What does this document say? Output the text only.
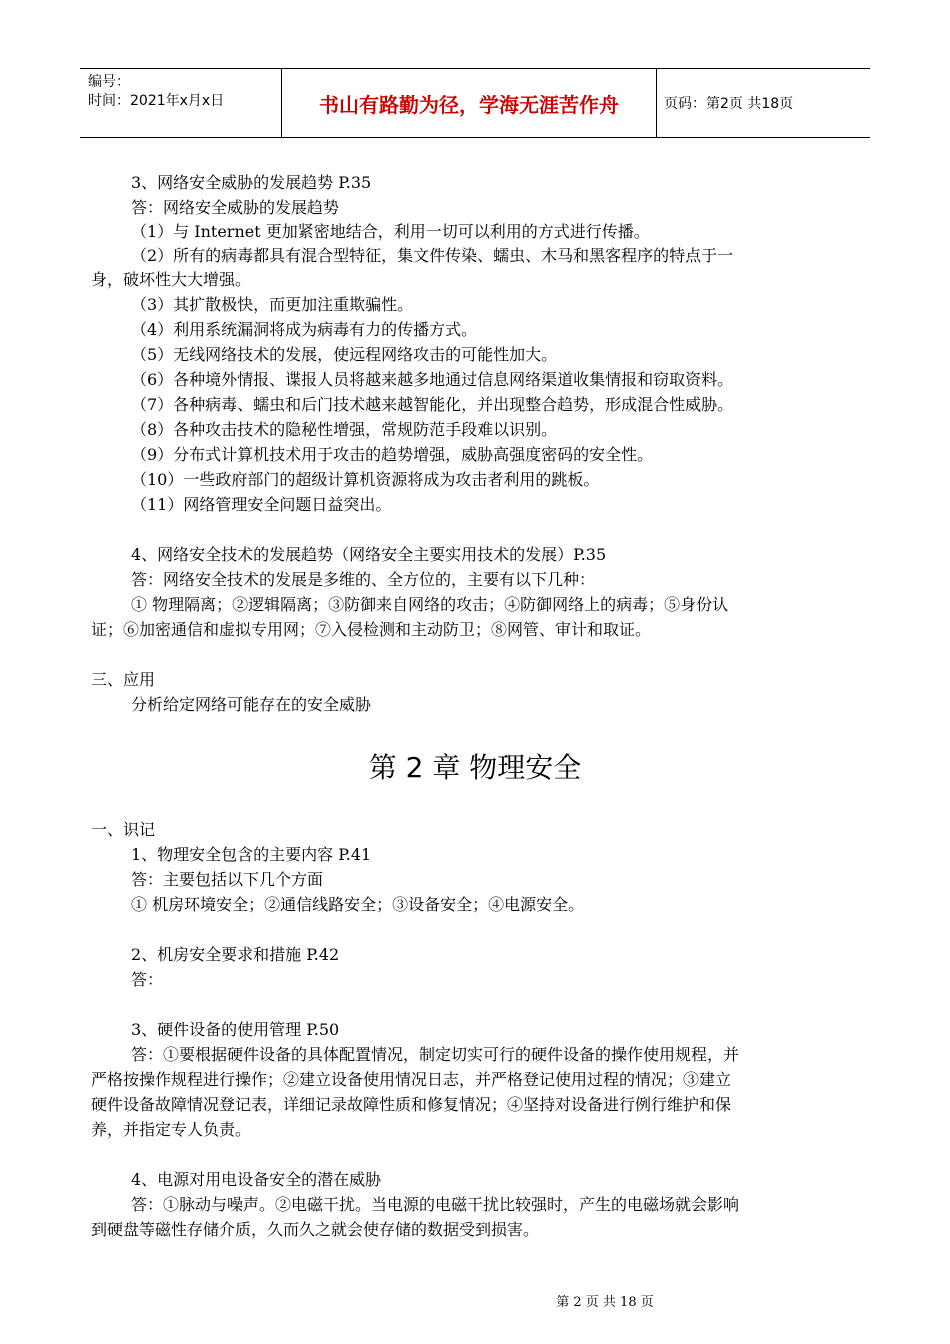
编号：
时间：2021年x月x日	书山有路勤为径，学海无涯苦作舟	页码：第2页 共18页
3、网络安全威胁的发展趋势 P.35
答：网络安全威胁的发展趋势
（1）与 Internet 更加紧密地结合，利用一切可以利用的方式进行传播。
（2）所有的病毒都具有混合型特征，集文件传染、蠕虫、木马和黑客程序的特点于一
身，破坏性大大增强。
（3）其扩散极快，而更加注重欺骗性。
（4）利用系统漏洞将成为病毒有力的传播方式。
（5）无线网络技术的发展，使远程网络攻击的可能性加大。
（6）各种境外情报、谍报人员将越来越多地通过信息网络渠道收集情报和窃取资料。
（7）各种病毒、蠕虫和后门技术越来越智能化，并出现整合趋势，形成混合性威胁。
（8）各种攻击技术的隐秘性增强，常规防范手段难以识别。
（9）分布式计算机技术用于攻击的趋势增强，威胁高强度密码的安全性。
（10）一些政府部门的超级计算机资源将成为攻击者利用的跳板。
（11）网络管理安全问题日益突出。
4、网络安全技术的发展趋势（网络安全主要实用技术的发展）P.35
答：网络安全技术的发展是多维的、全方位的，主要有以下几种：
① 物理隔离；②逻辑隔离；③防御来自网络的攻击；④防御网络上的病毒；⑤身份认
证；⑥加密通信和虚拟专用网；⑦入侵检测和主动防卫；⑧网管、审计和取证。
三、应用
分析给定网络可能存在的安全威胁
第 2 章 物理安全
一、识记
1、物理安全包含的主要内容 P.41
答：主要包括以下几个方面
① 机房环境安全；②通信线路安全；③设备安全；④电源安全。
2、机房安全要求和措施 P.42
答：
3、硬件设备的使用管理 P.50
答：①要根据硬件设备的具体配置情况，制定切实可行的硬件设备的操作使用规程，并
严格按操作规程进行操作；②建立设备使用情况日志，并严格登记使用过程的情况；③建立
硬件设备故障情况登记表，详细记录故障性质和修复情况；④坚持对设备进行例行维护和保
养，并指定专人负责。
4、电源对用电设备安全的潜在威胁
答：①脉动与噪声。②电磁干扰。当电源的电磁干扰比较强时，产生的电磁场就会影响
到硬盘等磁性存储介质，久而久之就会使存储的数据受到损害。
第 2 页 共 18 页
